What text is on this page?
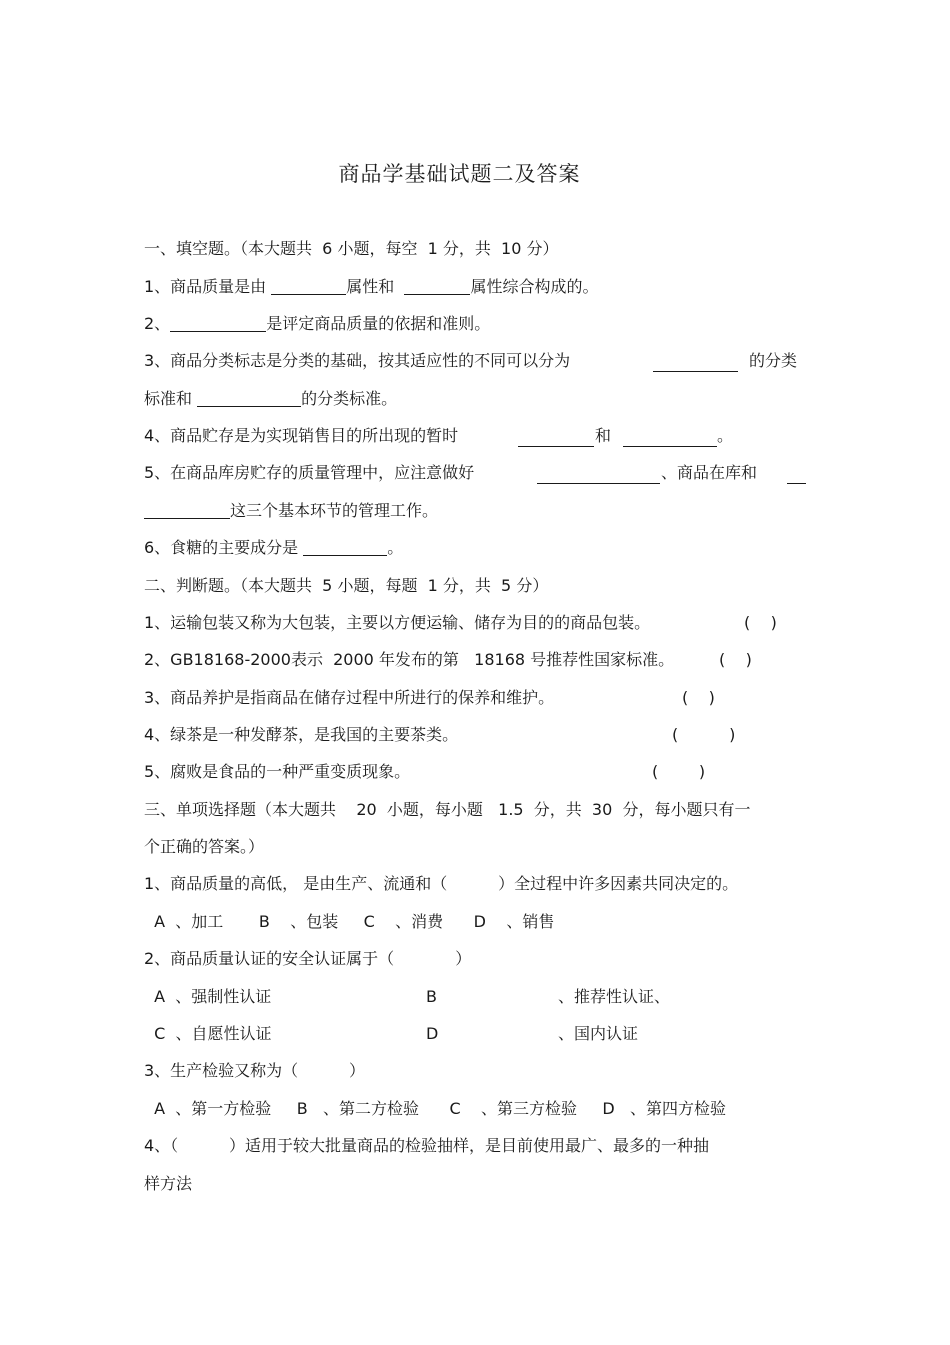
商品学基础试题二及答案
一、填空题。（本大题共  6 小题，每空  1 分，共  10 分）
1、商品质量是由	属性和	属性综合构成的。
2、	是评定商品质量的依据和准则。
3、商品分类标志是分类的基础，按其适应性的不同可以分为	的分类
标准和	的分类标准。
4、商品贮存是为实现销售目的所出现的暂时	和	。
5、在商品库房贮存的质量管理中，应注意做好	、商品在库和
这三个基本环节的管理工作。
6、食糖的主要成分是	。
二、判断题。（本大题共  5 小题，每题  1 分，共  5 分）
1、运输包装又称为大包装，主要以方便运输、储存为目的的商品包装。	(    )
2、GB18168-2000表示  2000 年发布的第   18168 号推荐性国家标准。	(    )
3、商品养护是指商品在储存过程中所进行的保养和维护。	(    )
4、绿茶是一种发酵茶，是我国的主要茶类。	(          )
5、腐败是食品的一种严重变质现象。	(        )
三、单项选择题（本大题共    20  小题，每小题   1.5  分，共  30  分，每小题只有一
个正确的答案。）
1、商品质量的高低， 是由生产、流通和（          ）全过程中许多因素共同决定的。
A  、加工       B    、包装     C    、消费      D    、销售
2、商品质量认证的安全认证属于（            ）
A  、强制性认证	B	、推荐性认证、
C  、自愿性认证	D	、国内认证
3、生产检验又称为（          ）
A  、第一方检验     B   、第二方检验      C    、第三方检验     D   、第四方检验
4、（          ）适用于较大批量商品的检验抽样，是目前使用最广、最多的一种抽
样方法
